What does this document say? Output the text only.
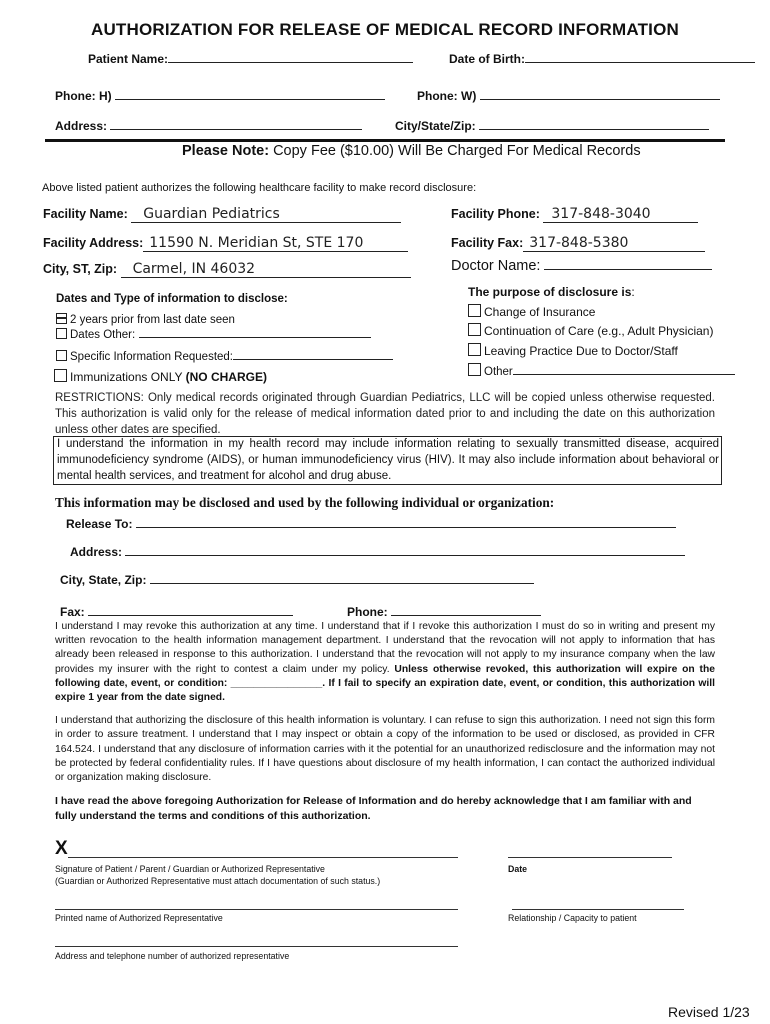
AUTHORIZATION FOR RELEASE OF MEDICAL RECORD INFORMATION
Patient Name:	Date of Birth:
Phone: H)	Phone: W)
Address:	City/State/Zip:
Please Note: Copy Fee ($10.00) Will Be Charged For Medical Records
Above listed patient authorizes the following healthcare facility to make record disclosure:
Facility Name: Guardian Pediatrics	Facility Phone: 317-848-3040
Facility Address: 11590 N. Meridian St, STE 170	Facility Fax: 317-848-5380
City, ST, Zip: Carmel, IN 46032	Doctor Name:
Dates and Type of information to disclose:
2 years prior from last date seen
Dates Other:
Specific Information Requested:
Immunizations ONLY (NO CHARGE)
The purpose of disclosure is:
Change of Insurance
Continuation of Care (e.g., Adult Physician)
Leaving Practice Due to Doctor/Staff
Other
RESTRICTIONS: Only medical records originated through Guardian Pediatrics, LLC will be copied unless otherwise requested. This authorization is valid only for the release of medical information dated prior to and including the date on this authorization unless other dates are specified.
I understand the information in my health record may include information relating to sexually transmitted disease, acquired immunodeficiency syndrome (AIDS), or human immunodeficiency virus (HIV). It may also include information about behavioral or mental health services, and treatment for alcohol and drug abuse.
This information may be disclosed and used by the following individual or organization:
Release To:
Address:
City, State, Zip:
Fax:	Phone:
I understand I may revoke this authorization at any time. I understand that if I revoke this authorization I must do so in writing and present my written revocation to the health information management department. I understand that the revocation will not apply to information that has already been released in response to this authorization. I understand that the revocation will not apply to my insurance company when the law provides my insurer with the right to contest a claim under my policy. Unless otherwise revoked, this authorization will expire on the following date, event, or condition: ________________. If I fail to specify an expiration date, event, or condition, this authorization will expire 1 year from the date signed.
I understand that authorizing the disclosure of this health information is voluntary. I can refuse to sign this authorization. I need not sign this form in order to assure treatment. I understand that I may inspect or obtain a copy of the information to be used or disclosed, as provided in CFR 164.524. I understand that any disclosure of information carries with it the potential for an unauthorized redisclosure and the information may not be protected by federal confidentiality rules. If I have questions about disclosure of my health information, I can contact the authorized individual or organization making disclosure.
I have read the above foregoing Authorization for Release of Information and do hereby acknowledge that I am familiar with and fully understand the terms and conditions of this authorization.
X
Signature of Patient / Parent / Guardian or Authorized Representative
(Guardian or Authorized Representative must attach documentation of such status.)
Date
Printed name of Authorized Representative	Relationship / Capacity to patient
Address and telephone number of authorized representative
Revised 1/23
